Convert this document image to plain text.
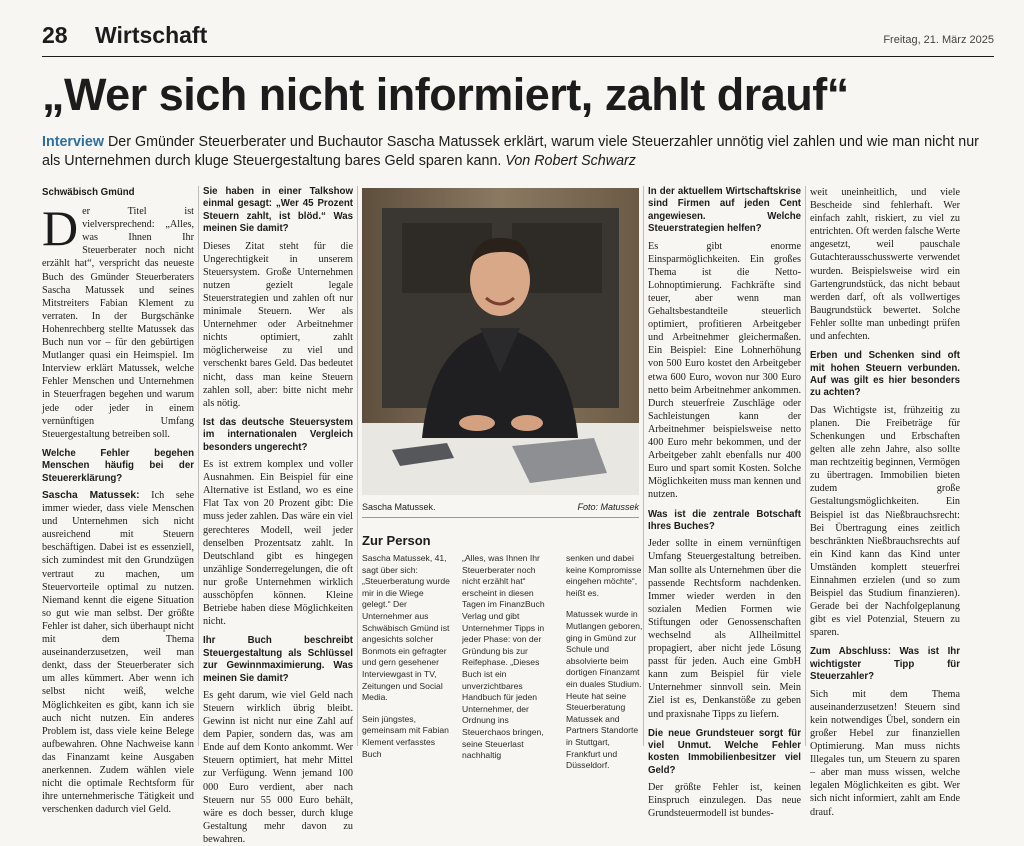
28 Wirtschaft	Freitag, 21. März 2025
„Wer sich nicht informiert, zahlt drauf“
Interview Der Gmünder Steuerberater und Buchautor Sascha Matussek erklärt, warum viele Steuerzahler unnötig viel zahlen und wie man nicht nur als Unternehmen durch kluge Steuergestaltung bares Geld sparen kann. Von Robert Schwarz
Schwäbisch Gmünd

Der Titel ist vielversprechend: „Alles, was Ihnen Ihr Steuerberater noch nicht erzählt hat“, verspricht das neueste Buch des Gmünder Steuerberaters Sascha Matussek und seines Mitstreiters Fabian Klement zu verraten. In der Burgschänke Hohenrechberg stellte Matussek das Buch nun vor – für den gebürtigen Mutlanger quasi ein Heimspiel. Im Interview erklärt Matussek, welche Fehler Menschen und Unternehmen in Steuerfragen begehen und warum jede oder jeder in einem vernünftigen Umfang Steuergestaltung betreiben soll.

Welche Fehler begehen Menschen häufig bei der Steuererklärung?

Sascha Matussek: Ich sehe immer wieder, dass viele Menschen und Unternehmen sich nicht ausreichend mit Steuern beschäftigen. Dabei ist es essenziell, sich zumindest mit den Grundzügen vertraut zu machen, um Steuervorteile optimal zu nutzen. Niemand kennt die eigene Situation so gut wie man selbst. Der größte Fehler ist daher, sich überhaupt nicht mit dem Thema auseinanderzusetzen, weil man denkt, dass der Steuerberater sich um alles kümmert. Aber wenn ich selbst nicht weiß, welche Möglichkeiten es gibt, kann ich sie auch nicht nutzen. Ein anderes Problem ist, dass viele keine Belege aufbewahren. Ohne Nachweise kann das Finanzamt keine Ausgaben anerkennen. Zudem wählen viele nicht die optimale Rechtsform für ihre unternehmerische Tätigkeit und verschenken dadurch viel Geld.

Sie haben in einer Talkshow einmal gesagt: „Wer 45 Prozent Steuern zahlt, ist blöd.“ Was meinen Sie damit?

Dieses Zitat steht für die Ungerechtigkeit in unserem Steuersystem. Große Unternehmen nutzen gezielt legale Steuerstrategien und zahlen oft nur minimale Steuern. Wer als Unternehmer oder Arbeitnehmer nichts optimiert, zahlt möglicherweise zu viel und verschenkt bares Geld. Das bedeutet nicht, dass man keine Steuern zahlen soll, aber: bitte nicht mehr als nötig.

Ist das deutsche Steuersystem im internationalen Vergleich besonders ungerecht?

Es ist extrem komplex und voller Ausnahmen. Ein Beispiel für eine Alternative ist Estland, wo es eine Flat Tax von 20 Prozent gibt: Die muss jeder zahlen. Das wäre ein viel gerechteres Modell, weil jeder denselben Prozentsatz zahlt. In Deutschland gibt es hingegen unzählige Sonderregelungen, die oft nur große Unternehmen wirklich ausschöpfen können. Kleine Betriebe haben diese Möglichkeiten nicht.

Ihr Buch beschreibt Steuergestaltung als Schlüssel zur Gewinnmaximierung. Was meinen Sie damit?

Es geht darum, wie viel Geld nach Steuern wirklich übrig bleibt. Gewinn ist nicht nur eine Zahl auf dem Papier, sondern das, was am Ende auf dem Konto ankommt. Wer Steuern optimiert, hat mehr Mittel zur Verfügung. Wenn jemand 100 000 Euro verdient, aber nach Steuern nur 55 000 Euro behält, wäre es doch besser, durch kluge Gestaltung mehr davon zu bewahren.

Sascha Matussek.	Foto: Matussek
Zur Person

Sascha Matussek, 41, sagt über sich: „Steuerberatung wurde mir in die Wiege gelegt.“ Der Unternehmer aus Schwäbisch Gmünd ist angesichts solcher Bonmots ein gefragter und gern gesehener Interviewgast in TV, Zeitungen und Social Media.

Sein jüngstes, gemeinsam mit Fabian Klement verfasstes Buch

„Alles, was Ihnen Ihr Steuerberater noch nicht erzählt hat“ erscheint in diesen Tagen im FinanzBuch Verlag und gibt Unternehmer Tipps in jeder Phase: von der Gründung bis zur Reifephase. „Dieses Buch ist ein unverzichtbares Handbuch für jeden Unternehmer, der Ordnung ins Steuerchaos bringen, seine Steuerlast nachhaltig

senken und dabei keine Kompromisse eingehen möchte“, heißt es.

Matussek wurde in Mutlangen geboren, ging in Gmünd zur Schule und absolvierte beim dortigen Finanzamt ein duales Studium. Heute hat seine Steuerberatung Matussek and Partners Standorte in Stuttgart, Frankfurt und Düsseldorf.

In der aktuellem Wirtschaftskrise sind Firmen auf jeden Cent angewiesen. Welche Steuerstrategien helfen?

Es gibt enorme Einsparmöglichkeiten. Ein großes Thema ist die Netto-Lohnoptimierung. Fachkräfte sind teuer, aber wenn man Gehaltsbestandteile steuerlich optimiert, profitieren Arbeitgeber und Arbeitnehmer gleichermaßen. Ein Beispiel: Eine Lohnerhöhung von 500 Euro kostet den Arbeitgeber etwa 600 Euro, wovon nur 300 Euro netto beim Arbeitnehmer ankommen. Durch steuerfreie Zuschläge oder Sachleistungen kann der Arbeitnehmer beispielsweise netto 400 Euro mehr bekommen, und der Arbeitgeber zahlt ebenfalls nur 400 Euro und spart somit Kosten. Solche Möglichkeiten muss man kennen und nutzen.

Was ist die zentrale Botschaft Ihres Buches?

Jeder sollte in einem vernünftigen Umfang Steuergestaltung betreiben. Man sollte als Unternehmen über die passende Rechtsform nachdenken. Immer wieder werden in den sozialen Medien Formen wie Stiftungen oder Genossenschaften wechselnd als Allheilmittel propagiert, aber nicht jede Lösung passt für jeden. Auch eine GmbH kann zum Beispiel für viele Unternehmer sinnvoll sein. Mein Ziel ist es, Denkanstöße zu geben und praxisnahe Tipps zu liefern.

Die neue Grundsteuer sorgt für viel Unmut. Welche Fehler kosten Immobilienbesitzer viel Geld?

Der größte Fehler ist, keinen Einspruch einzulegen. Das neue Grundsteuermodell ist bundes-

weit uneinheitlich, und viele Bescheide sind fehlerhaft. Wer einfach zahlt, riskiert, zu viel zu entrichten. Oft werden falsche Werte angesetzt, weil pauschale Gutachterausschusswerte verwendet wurden. Beispielsweise wird ein Gartengrundstück, das nicht bebaut werden darf, oft als vollwertiges Baugrundstück bewertet. Solche Fehler sollte man unbedingt prüfen und anfechten.

Erben und Schenken sind oft mit hohen Steuern verbunden. Auf was gilt es hier besonders zu achten?

Das Wichtigste ist, frühzeitig zu planen. Die Freibeträge für Schenkungen und Erbschaften gelten alle zehn Jahre, also sollte man rechtzeitig beginnen, Vermögen zu übertragen. Immobilien bieten zudem große Gestaltungsmöglichkeiten. Ein Beispiel ist das Nießbrauchsrecht: Bei Übertragung eines zeitlich beschränkten Nießbrauchsrechts auf ein Kind kann das Kind unter Umständen komplett steuerfrei Einnahmen erzielen (und so zum Beispiel das Studium finanzieren). Gerade bei der Nachfolgeplanung gibt es viel Potenzial, Steuern zu sparen.

Zum Abschluss: Was ist Ihr wichtigster Tipp für Steuerzahler?

Sich mit dem Thema auseinanderzusetzen! Steuern sind kein notwendiges Übel, sondern ein großer Hebel zur finanziellen Optimierung. Man muss nichts Illegales tun, um Steuern zu sparen – aber man muss wissen, welche legalen Möglichkeiten es gibt. Wer sich nicht informiert, zahlt am Ende drauf.
